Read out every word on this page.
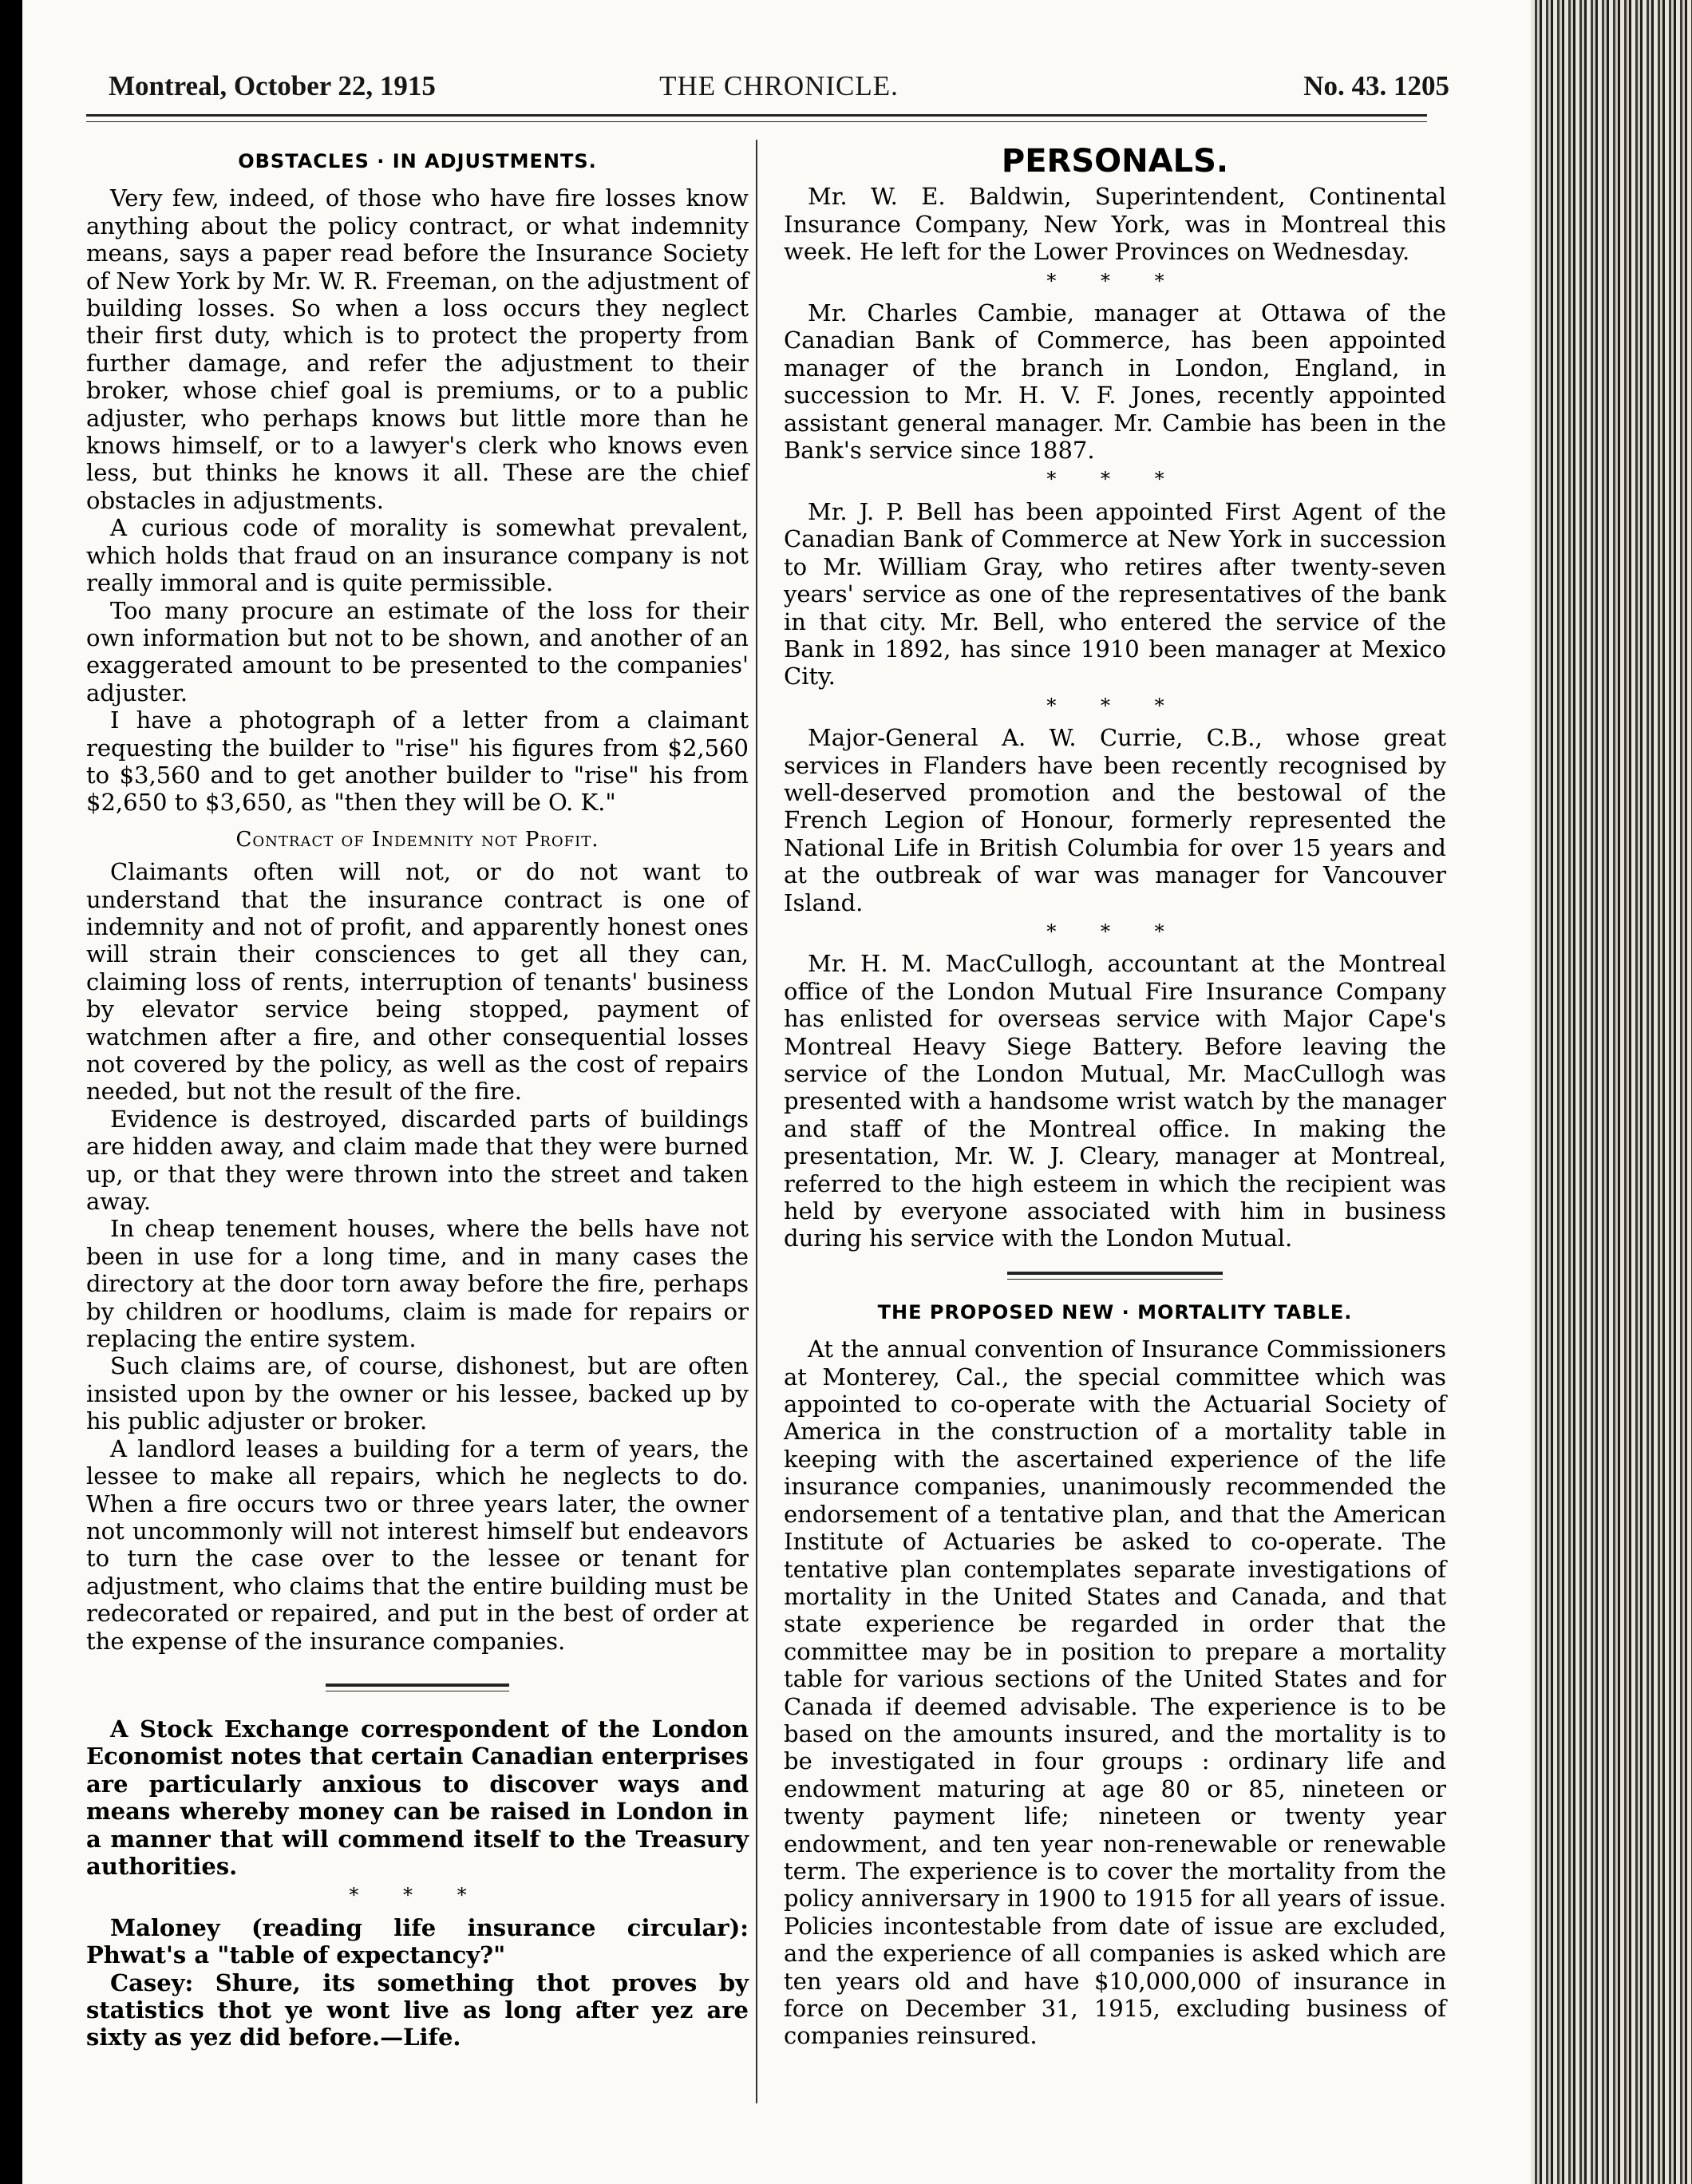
Montreal, October 22, 1915	THE CHRONICLE.	No. 43. 1205
OBSTACLES · IN ADJUSTMENTS.

Very few, indeed, of those who have fire losses know anything about the policy contract, or what indemnity means, says a paper read before the Insurance Society of New York by Mr. W. R. Freeman, on the adjustment of building losses. So when a loss occurs they neglect their first duty, which is to protect the property from further damage, and refer the adjustment to their broker, whose chief goal is premiums, or to a public adjuster, who perhaps knows but little more than he knows himself, or to a lawyer's clerk who knows even less, but thinks he knows it all. These are the chief obstacles in adjustments.

A curious code of morality is somewhat prevalent, which holds that fraud on an insurance company is not really immoral and is quite permissible.

Too many procure an estimate of the loss for their own information but not to be shown, and another of an exaggerated amount to be presented to the companies' adjuster.

I have a photograph of a letter from a claimant requesting the builder to "rise" his figures from $2,560 to $3,560 and to get another builder to "rise" his from $2,650 to $3,650, as "then they will be O. K."

Contract of Indemnity not Profit.

Claimants often will not, or do not want to understand that the insurance contract is one of indemnity and not of profit, and apparently honest ones will strain their consciences to get all they can, claiming loss of rents, interruption of tenants' business by elevator service being stopped, payment of watchmen after a fire, and other consequential losses not covered by the policy, as well as the cost of repairs needed, but not the result of the fire.

Evidence is destroyed, discarded parts of buildings are hidden away, and claim made that they were burned up, or that they were thrown into the street and taken away.

In cheap tenement houses, where the bells have not been in use for a long time, and in many cases the directory at the door torn away before the fire, perhaps by children or hoodlums, claim is made for repairs or replacing the entire system.

Such claims are, of course, dishonest, but are often insisted upon by the owner or his lessee, backed up by his public adjuster or broker.

A landlord leases a building for a term of years, the lessee to make all repairs, which he neglects to do. When a fire occurs two or three years later, the owner not uncommonly will not interest himself but endeavors to turn the case over to the lessee or tenant for adjustment, who claims that the entire building must be redecorated or repaired, and put in the best of order at the expense of the insurance companies.

A Stock Exchange correspondent of the London Economist notes that certain Canadian enterprises are particularly anxious to discover ways and means whereby money can be raised in London in a manner that will commend itself to the Treasury authorities.

* * *

Maloney (reading life insurance circular): Phwat's a "table of expectancy?"

Casey: Shure, its something thot proves by statistics thot ye wont live as long after yez are sixty as yez did before.—Life.

PERSONALS.

Mr. W. E. Baldwin, Superintendent, Continental Insurance Company, New York, was in Montreal this week. He left for the Lower Provinces on Wednesday.

* * *

Mr. Charles Cambie, manager at Ottawa of the Canadian Bank of Commerce, has been appointed manager of the branch in London, England, in succession to Mr. H. V. F. Jones, recently appointed assistant general manager. Mr. Cambie has been in the Bank's service since 1887.

* * *

Mr. J. P. Bell has been appointed First Agent of the Canadian Bank of Commerce at New York in succession to Mr. William Gray, who retires after twenty-seven years' service as one of the representatives of the bank in that city. Mr. Bell, who entered the service of the Bank in 1892, has since 1910 been manager at Mexico City.

* * *

Major-General A. W. Currie, C.B., whose great services in Flanders have been recently recognised by well-deserved promotion and the bestowal of the French Legion of Honour, formerly represented the National Life in British Columbia for over 15 years and at the outbreak of war was manager for Vancouver Island.

* * *

Mr. H. M. MacCullogh, accountant at the Montreal office of the London Mutual Fire Insurance Company has enlisted for overseas service with Major Cape's Montreal Heavy Siege Battery. Before leaving the service of the London Mutual, Mr. MacCullogh was presented with a handsome wrist watch by the manager and staff of the Montreal office. In making the presentation, Mr. W. J. Cleary, manager at Montreal, referred to the high esteem in which the recipient was held by everyone associated with him in business during his service with the London Mutual.

THE PROPOSED NEW · MORTALITY TABLE.

At the annual convention of Insurance Commissioners at Monterey, Cal., the special committee which was appointed to co-operate with the Actuarial Society of America in the construction of a mortality table in keeping with the ascertained experience of the life insurance companies, unanimously recommended the endorsement of a tentative plan, and that the American Institute of Actuaries be asked to co-operate. The tentative plan contemplates separate investigations of mortality in the United States and Canada, and that state experience be regarded in order that the committee may be in position to prepare a mortality table for various sections of the United States and for Canada if deemed advisable. The experience is to be based on the amounts insured, and the mortality is to be investigated in four groups : ordinary life and endowment maturing at age 80 or 85, nineteen or twenty payment life; nineteen or twenty year endowment, and ten year non-renewable or renewable term. The experience is to cover the mortality from the policy anniversary in 1900 to 1915 for all years of issue. Policies incontestable from date of issue are excluded, and the experience of all companies is asked which are ten years old and have $10,000,000 of insurance in force on December 31, 1915, excluding business of companies reinsured.
